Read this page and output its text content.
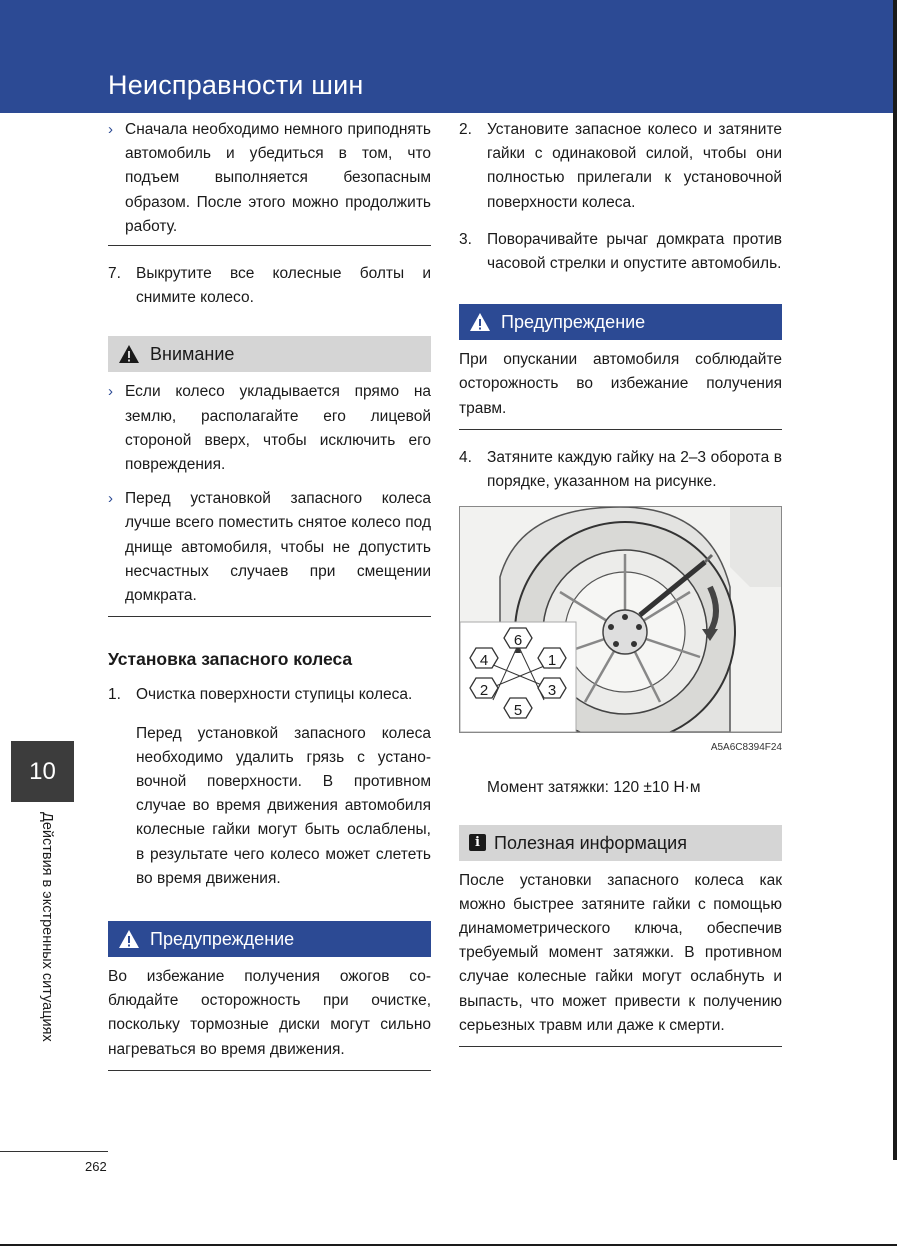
Неисправности шин
› Сначала необходимо немного приподнять автомобиль и убедиться в том, что подъем выполняется безопасным образом. После этого можно продолжить работу.

7. Выкрутите все колесные болты и снимите колесо.

Внимание
› Если колесо укладывается прямо на землю, располагайте его лицевой стороной вверх, чтобы исключить его повреждения.

› Перед установкой запасного колеса лучше всего поместить снятое колесо под днище автомобиля, чтобы не допустить несчастных случаев при смещении домкрата.

Установка запасного колеса
1. Очистка поверхности ступицы колеса.

Перед установкой запасного колеса необходимо удалить грязь с установочной поверхности. В противном случае во время движения автомобиля колесные гайки могут быть ослаблены, в результате чего колесо может слететь во время движения.

Предупреждение

Во избежание получения ожогов соблюдайте осторожность при очистке, поскольку тормозные диски могут сильно нагреваться во время движения.

2. Установите запасное колесо и затяните гайки с одинаковой силой, чтобы они полностью прилегали к установочной поверхности колеса.

3. Поворачивайте рычаг домкрата против часовой стрелки и опустите автомобиль.

Предупреждение

При опускании автомобиля соблюдайте осторожность во избежание получения травм.

4. Затяните каждую гайку на 2–3 оборота в порядке, указанном на рисунке.

6
4	1
2	3
5
A5A6C8394F24

Момент затяжки: 120 ±10 Н·м

i Полезная информация

После установки запасного колеса как можно быстрее затяните гайки с помощью динамометрического ключа, обеспечив требуемый момент затяжки. В противном случае колесные гайки могут ослабнуть и выпасть, что может привести к получению серьезных травм или даже к смерти.

10
Действия в экстренных ситуациях
262
